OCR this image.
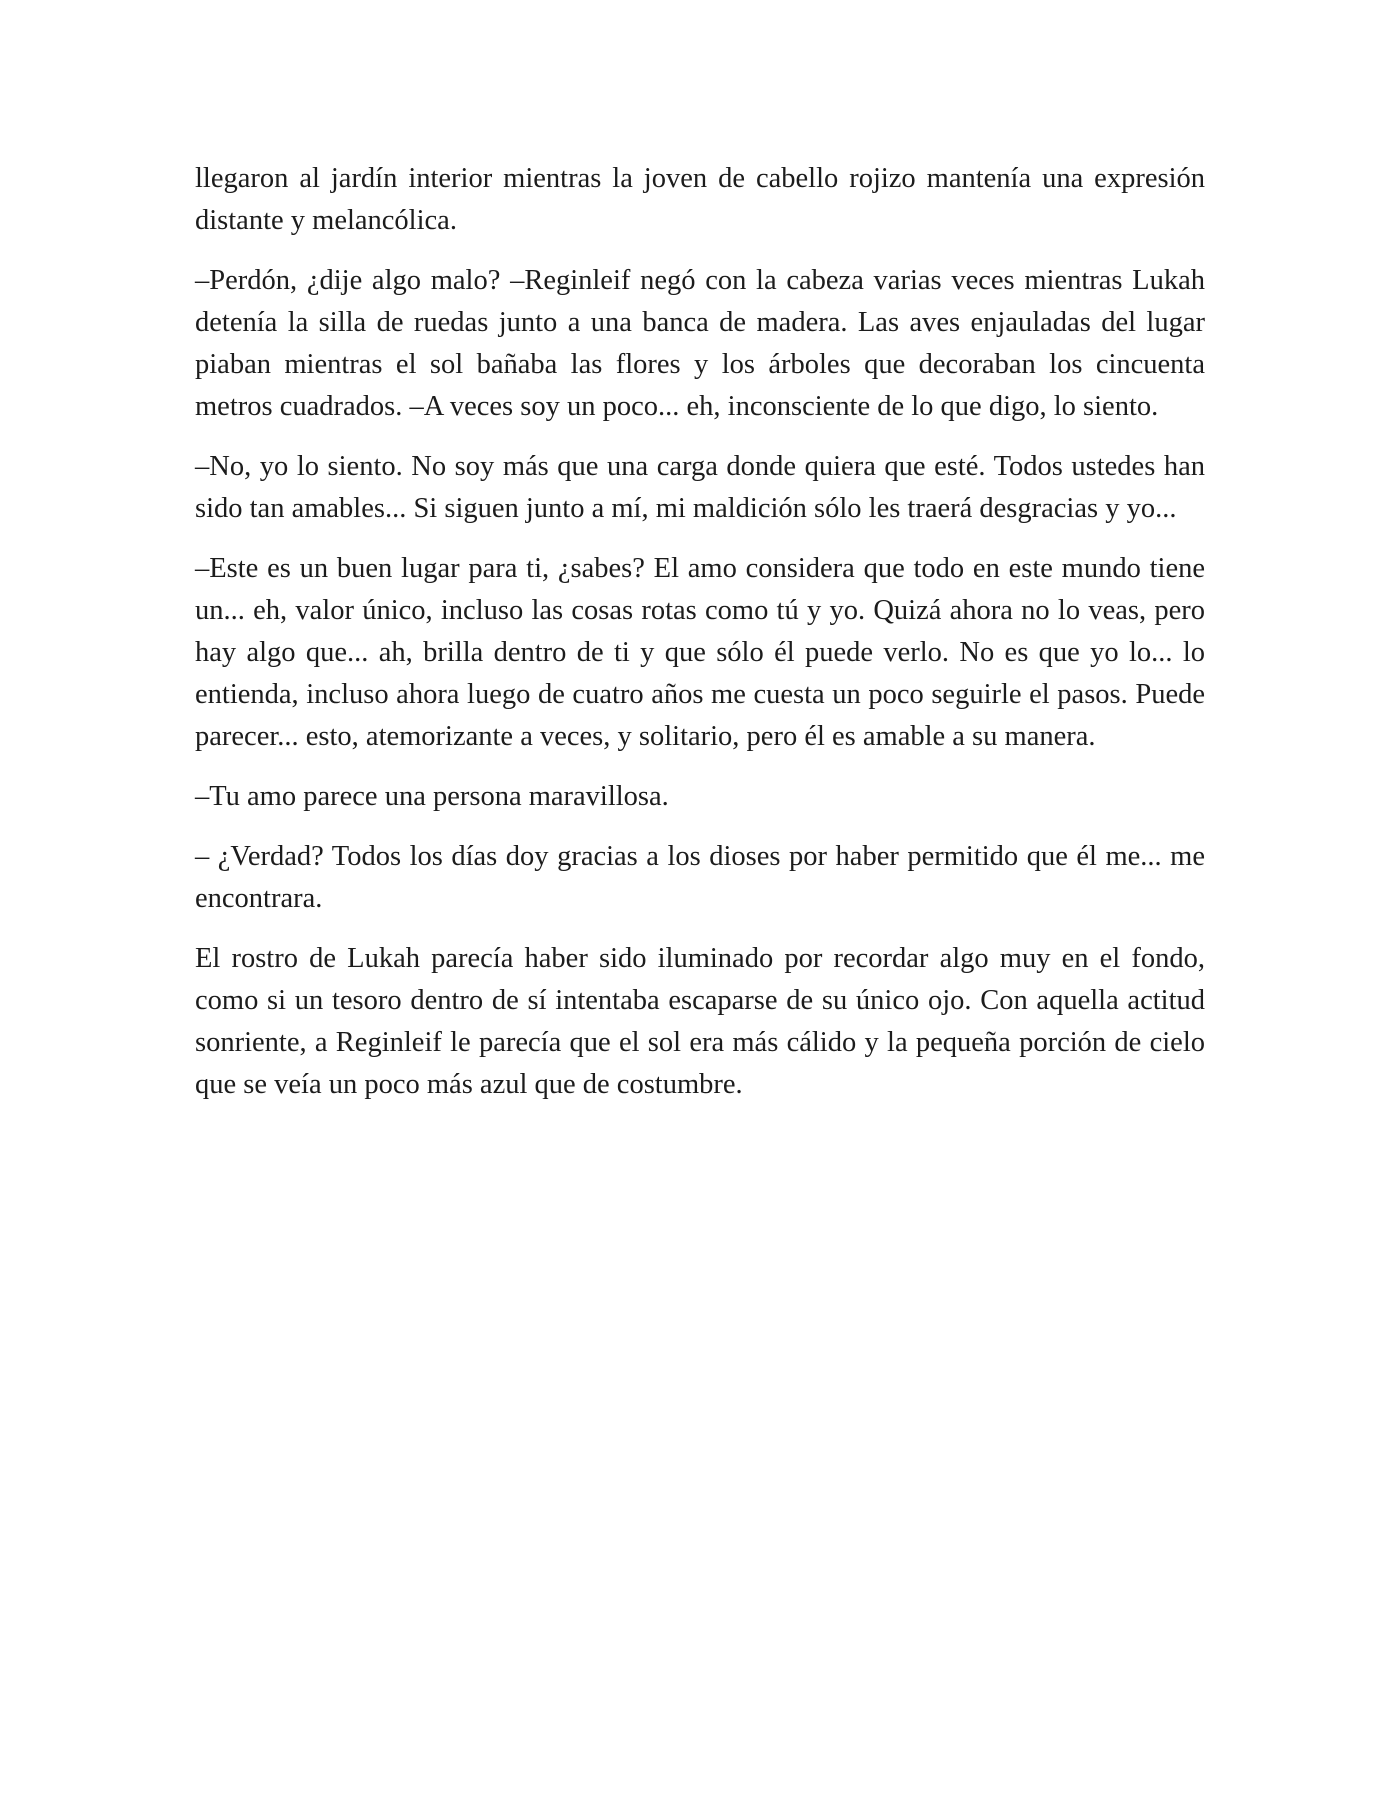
llegaron al jardín interior mientras la joven de cabello rojizo mantenía una expresión distante y melancólica.

–Perdón, ¿dije algo malo? –Reginleif negó con la cabeza varias veces mientras Lukah detenía la silla de ruedas junto a una banca de madera. Las aves enjauladas del lugar piaban mientras el sol bañaba las flores y los árboles que decoraban los cincuenta metros cuadrados. –A veces soy un poco... eh, inconsciente de lo que digo, lo siento.

–No, yo lo siento. No soy más que una carga donde quiera que esté. Todos ustedes han sido tan amables... Si siguen junto a mí, mi maldición sólo les traerá desgracias y yo...

–Este es un buen lugar para ti, ¿sabes? El amo considera que todo en este mundo tiene un... eh, valor único, incluso las cosas rotas como tú y yo. Quizá ahora no lo veas, pero hay algo que... ah, brilla dentro de ti y que sólo él puede verlo. No es que yo lo... lo entienda, incluso ahora luego de cuatro años me cuesta un poco seguirle el pasos. Puede parecer... esto, atemorizante a veces, y solitario, pero él es amable a su manera.

–Tu amo parece una persona maravillosa.

– ¿Verdad? Todos los días doy gracias a los dioses por haber permitido que él me... me encontrara.

El rostro de Lukah parecía haber sido iluminado por recordar algo muy en el fondo, como si un tesoro dentro de sí intentaba escaparse de su único ojo. Con aquella actitud sonriente, a Reginleif le parecía que el sol era más cálido y la pequeña porción de cielo que se veía un poco más azul que de costumbre.
